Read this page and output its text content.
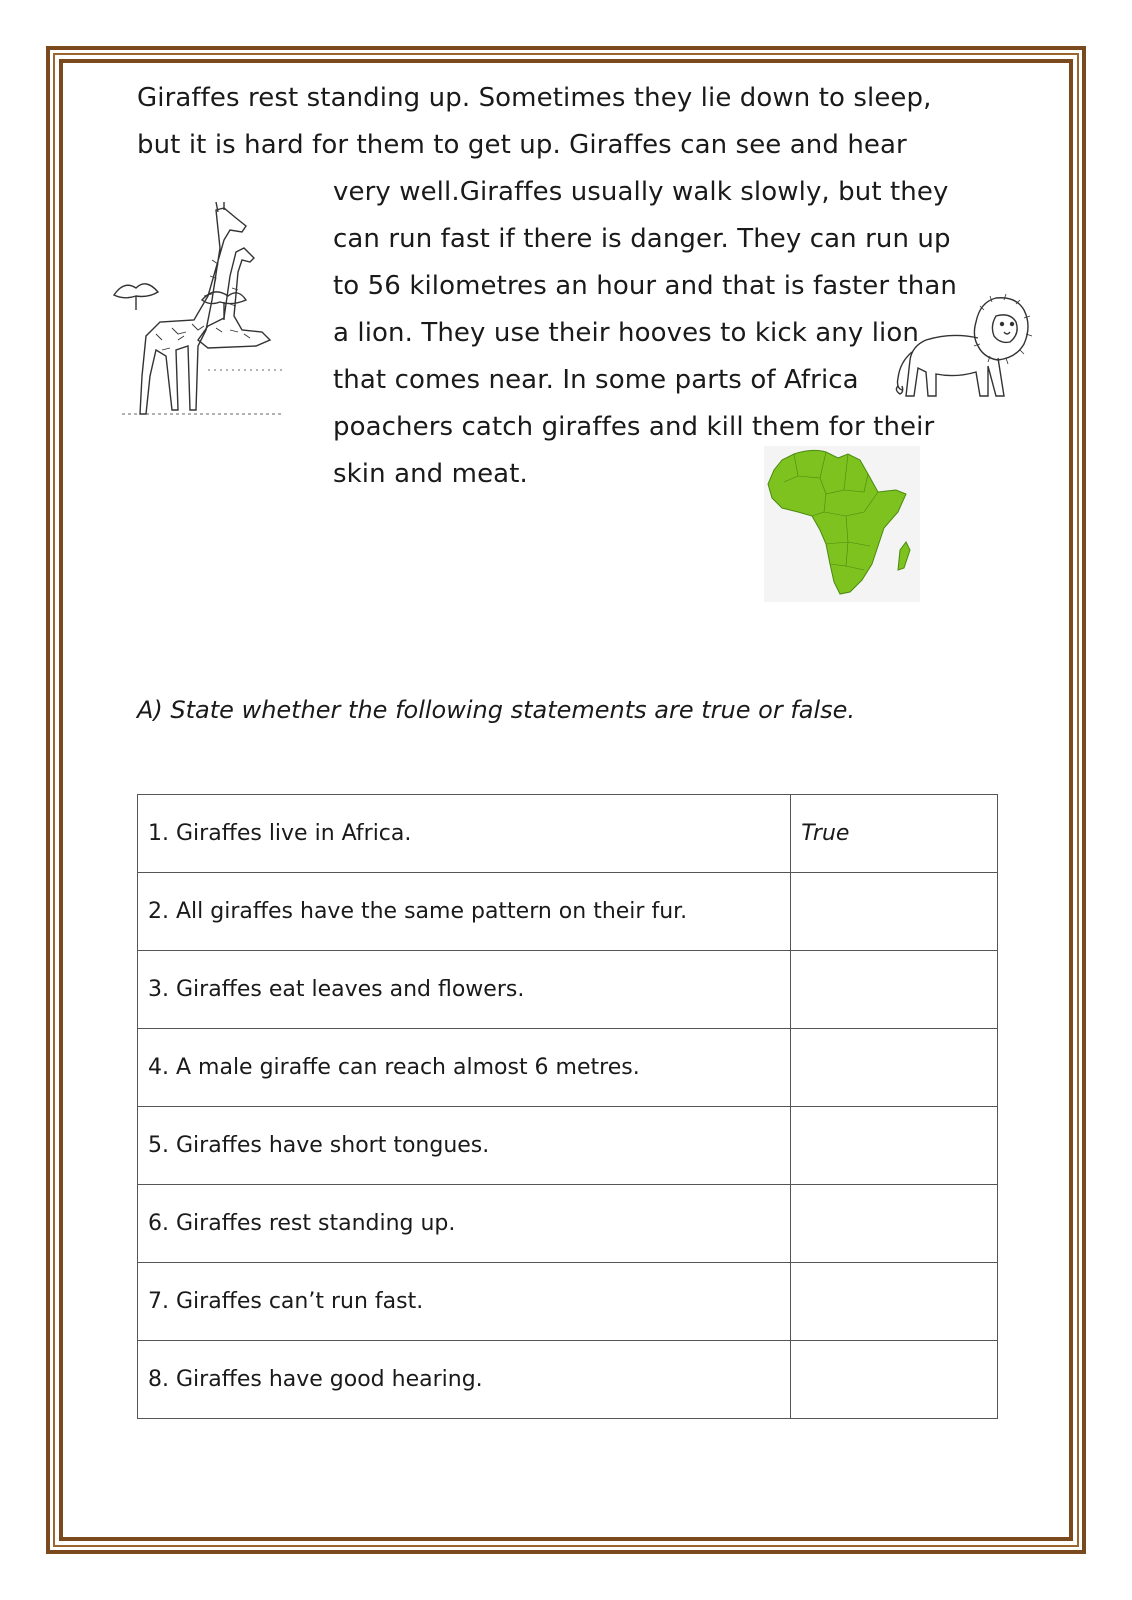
Giraffes rest standing up. Sometimes they lie down to sleep,
but it is hard for them to get up. Giraffes can see and hear
very well.Giraffes usually walk slowly, but they
can run fast if there is danger. They can run up
to 56 kilometres an hour and that is faster than
a lion. They use their hooves to kick any lion
that comes near. In some parts of Africa
poachers catch giraffes and kill them for their
skin and meat.
A) State whether the following statements are true or false.
1. Giraffes live in Africa.	True
2. All giraffes have the same pattern on their fur.	
3. Giraffes eat leaves and flowers.	
4. A male giraffe can reach almost 6 metres.	
5. Giraffes have short tongues.	
6. Giraffes rest standing up.	
7. Giraffes can’t run fast.	
8. Giraffes have good hearing.	
